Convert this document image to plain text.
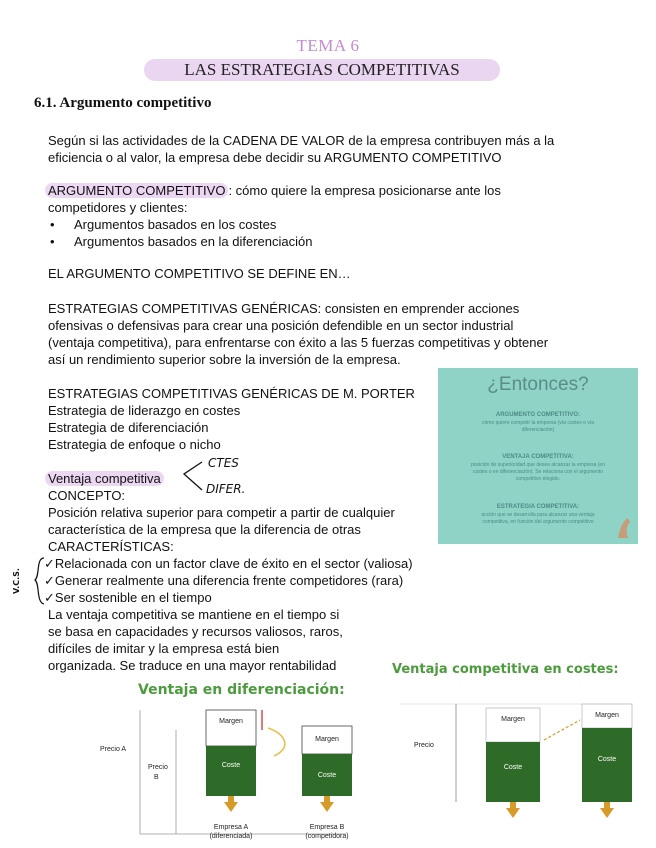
TEMA 6
LAS ESTRATEGIAS COMPETITIVAS
6.1. Argumento competitivo
Según si las actividades de la CADENA DE VALOR de la empresa contribuyen más a la
eficiencia o al valor, la empresa debe decidir su ARGUMENTO COMPETITIVO
ARGUMENTO COMPETITIVO : cómo quiere la empresa posicionarse ante los
competidores y clientes:
• Argumentos basados en los costes
• Argumentos basados en la diferenciación
EL ARGUMENTO COMPETITIVO SE DEFINE EN…
ESTRATEGIAS COMPETITIVAS GENÉRICAS: consisten en emprender acciones
ofensivas o defensivas para crear una posición defendible en un sector industrial
(ventaja competitiva), para enfrentarse con éxito a las 5 fuerzas competitivas y obtener
así un rendimiento superior sobre la inversión de la empresa.
ESTRATEGIAS COMPETITIVAS GENÉRICAS DE M. PORTER
Estrategia de liderazgo en costes
Estrategia de diferenciación
Estrategia de enfoque o nicho
¿Entonces?
ARGUMENTO COMPETITIVO:
cómo quiere competir la empresa (vía costes o vía
diferenciación)
VENTAJA COMPETITIVA:
posición de superioridad que desea alcanzar la empresa (en
costes o en diferenciación). Se relaciona con el argumento
competitivo elegido.
ESTRATEGIA COMPETITIVA:
acción que se desarrolla para alcanzar una ventaja
competitiva, en función del argumento competitivo
Ventaja competitiva
CTES
DIFER.
CONCEPTO:
Posición relativa superior para competir a partir de cualquier
característica de la empresa que la diferencia de otras
CARACTERÍSTICAS:
V.C.S.
✓Relacionada con un factor clave de éxito en el sector (valiosa)
✓Generar realmente una diferencia frente competidores (rara)
✓Ser sostenible en el tiempo
La ventaja competitiva se mantiene en el tiempo si
se basa en capacidades y recursos valiosos, raros,
difíciles de imitar y la empresa está bien
organizada. Se traduce en una mayor rentabilidad
Ventaja en diferenciación:
Precio A
Precio
B
Margen
Coste
Margen
Coste
Empresa A
(diferenciada)
Empresa B
(competidora)
Ventaja competitiva en costes:
Margen
Coste
Margen
Coste
Precio
